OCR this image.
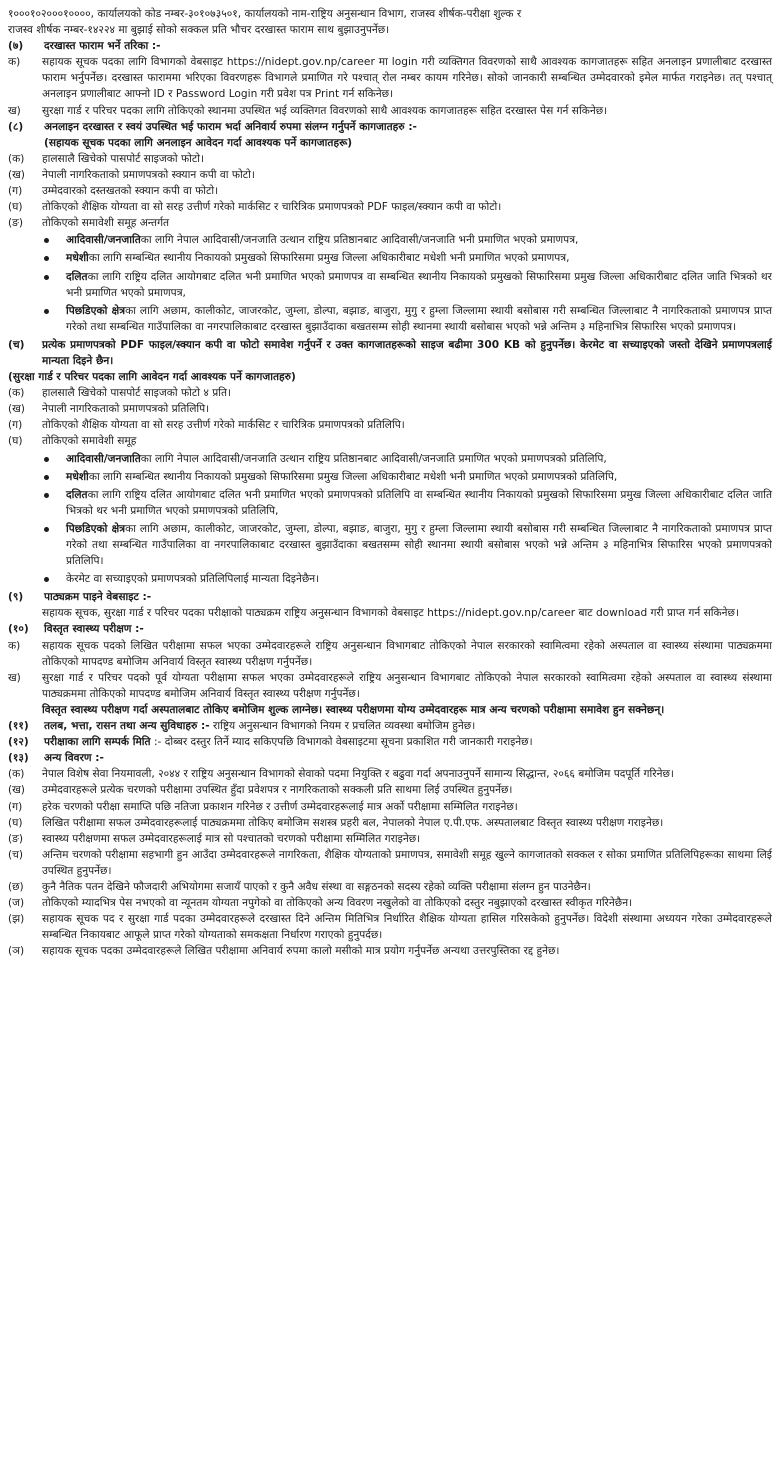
१०००१०२०००१००००, कार्यालयको कोड नम्बर-३०१०७३५०१, कार्यालयको नाम-राष्ट्रिय अनुसन्धान विभाग, राजस्व शीर्षक-परीक्षा शुल्क र

राजस्व शीर्षक नम्बर-१४२२४ मा बुझाई सोको सक्कल प्रति भौचर दरखास्त फाराम साथ बुझाउनुपर्नेछ।

(७)	दरखास्त फाराम भर्ने तरिका :-
क)	सहायक सूचक पदका लागि विभागको वेबसाइट https://nidept.gov.np/career मा login गरी व्यक्तिगत विवरणको साथै आवश्यक कागजातहरू सहित अनलाइन प्रणालीबाट दरखास्त फाराम भर्नुपर्नेछ। दरखास्त फाराममा भरिएका विवरणहरू विभागले प्रमाणित गरे पश्चात् रोल नम्बर कायम गरिनेछ। सोको जानकारी सम्बन्धित उम्मेदवारको इमेल मार्फत गराइनेछ। तत् पश्चात् अनलाइन प्रणालीबाट आफ्नो ID र Password Login गरी प्रवेश पत्र Print गर्न सकिनेछ।
ख)	सुरक्षा गार्ड र परिचर पदका लागि तोकिएको स्थानमा उपस्थित भई व्यक्तिगत विवरणको साथै आवश्यक कागजातहरू सहित दरखास्त पेस गर्न सकिनेछ।
(८)	अनलाइन दरखास्त र स्वयं उपस्थित भई फाराम भर्दा अनिवार्य रुपमा संलग्न गर्नुपर्ने कागजातहरु :-

(सहायक सूचक पदका लागि अनलाइन आवेदन गर्दा आवश्यक पर्ने कागजातहरू)

(क)	हालसालै खिचेको पासपोर्ट साइजको फोटो।
(ख)	नेपाली नागरिकताको प्रमाणपत्रको स्क्यान कपी वा फोटो।
(ग)	उम्मेदवारको दस्तखतको स्क्यान कपी वा फोटो।
(घ)	तोकिएको शैक्षिक योग्यता वा सो सरह उत्तीर्ण गरेको मार्कसिट र चारित्रिक प्रमाणपत्रको PDF फाइल/स्क्यान कपी वा फोटो।
(ङ)	तोकिएको समावेशी समूह अन्तर्गत
आदिवासी/जनजातिका लागि नेपाल आदिवासी/जनजाति उत्थान राष्ट्रिय प्रतिष्ठानबाट आदिवासी/जनजाति भनी प्रमाणित भएको प्रमाणपत्र,
मधेशीका लागि सम्बन्धित स्थानीय निकायको प्रमुखको सिफारिसमा प्रमुख जिल्ला अधिकारीबाट मधेशी भनी प्रमाणित भएको प्रमाणपत्र,
दलितका लागि राष्ट्रिय दलित आयोगबाट दलित भनी प्रमाणित भएको प्रमाणपत्र वा सम्बन्धित स्थानीय निकायको प्रमुखको सिफारिसमा प्रमुख जिल्ला अधिकारीबाट दलित जाति भित्रको थर भनी प्रमाणित भएको प्रमाणपत्र,
पिछडिएको क्षेत्रका लागि अछाम, कालीकोट, जाजरकोट, जुम्ला, डोल्पा, बझाङ, बाजुरा, मुगु र हुम्ला जिल्लामा स्थायी बसोबास गरी सम्बन्धित जिल्लाबाट नै नागरिकताको प्रमाणपत्र प्राप्त गरेको तथा सम्बन्धित गाउँपालिका वा नगरपालिकाबाट दरखास्त बुझाउँदाका बखतसम्म सोही स्थानमा स्थायी बसोबास भएको भन्ने अन्तिम ३ महिनाभित्र सिफारिस भएको प्रमाणपत्र।
(च)	प्रत्येक प्रमाणपत्रको PDF फाइल/स्क्यान कपी वा फोटो समावेश गर्नुपर्ने र उक्त कागजातहरूको साइज बढीमा 300 KB को हुनुपर्नेछ। केरमेट वा सच्याइएको जस्तो देखिने प्रमाणपत्रलाई मान्यता दिइने छैन।

(सुरक्षा गार्ड र परिचर पदका लागि आवेदन गर्दा आवश्यक पर्ने कागजातहरु)

(क)	हालसालै खिचेको पासपोर्ट साइजको फोटो ४ प्रति।
(ख)	नेपाली नागरिकताको प्रमाणपत्रको प्रतिलिपि।
(ग)	तोकिएको शैक्षिक योग्यता वा सो सरह उत्तीर्ण गरेको मार्कसिट र चारित्रिक प्रमाणपत्रको प्रतिलिपि।
(घ)	तोकिएको समावेशी समूह
आदिवासी/जनजातिका लागि नेपाल आदिवासी/जनजाति उत्थान राष्ट्रिय प्रतिष्ठानबाट आदिवासी/जनजाति प्रमाणित भएको प्रमाणपत्रको प्रतिलिपि,
मधेशीका लागि सम्बन्धित स्थानीय निकायको प्रमुखको सिफारिसमा प्रमुख जिल्ला अधिकारीबाट मधेशी भनी प्रमाणित भएको प्रमाणपत्रको प्रतिलिपि,
दलितका लागि राष्ट्रिय दलित आयोगबाट दलित भनी प्रमाणित भएको प्रमाणपत्रको प्रतिलिपि वा सम्बन्धित स्थानीय निकायको प्रमुखको सिफारिसमा प्रमुख जिल्ला अधिकारीबाट दलित जाति भित्रको थर भनी प्रमाणित भएको प्रमाणपत्रको प्रतिलिपि,
पिछडिएको क्षेत्रका लागि अछाम, कालीकोट, जाजरकोट, जुम्ला, डोल्पा, बझाङ, बाजुरा, मुगु र हुम्ला जिल्लामा स्थायी बसोबास गरी सम्बन्धित जिल्लाबाट नै नागरिकताको प्रमाणपत्र प्राप्त गरेको तथा सम्बन्धित गाउँपालिका वा नगरपालिकाबाट दरखास्त बुझाउँदाका बखतसम्म सोही स्थानमा स्थायी बसोबास भएको भन्ने अन्तिम ३ महिनाभित्र सिफारिस भएको प्रमाणपत्रको प्रतिलिपि।
केरमेट वा सच्याइएको प्रमाणपत्रको प्रतिलिपिलाई मान्यता दिइनेछैन।
(९)	पाठ्यक्रम पाइने वेबसाइट :-

सहायक सूचक, सुरक्षा गार्ड र परिचर पदका परीक्षाको पाठ्यक्रम राष्ट्रिय अनुसन्धान विभागको वेबसाइट https://nidept.gov.np/career बाट download गरी प्राप्त गर्न सकिनेछ।

(१०)	विस्तृत स्वास्थ्य परीक्षण :-
क)	सहायक सूचक पदको लिखित परीक्षामा सफल भएका उम्मेदवारहरूले राष्ट्रिय अनुसन्धान विभागबाट तोकिएको नेपाल सरकारको स्वामित्वमा रहेको अस्पताल वा स्वास्थ्य संस्थामा पाठ्यक्रममा तोकिएको मापदण्ड बमोजिम अनिवार्य विस्तृत स्वास्थ्य परीक्षण गर्नुपर्नेछ।
ख)	सुरक्षा गार्ड र परिचर पदको पूर्व योग्यता परीक्षामा सफल भएका उम्मेदवारहरूले राष्ट्रिय अनुसन्धान विभागबाट तोकिएको नेपाल सरकारको स्वामित्वमा रहेको अस्पताल वा स्वास्थ्य संस्थामा पाठ्यक्रममा तोकिएको मापदण्ड बमोजिम अनिवार्य विस्तृत स्वास्थ्य परीक्षण गर्नुपर्नेछ।

विस्तृत स्वास्थ्य परीक्षण गर्दा अस्पतालबाट तोकिए बमोजिम शुल्क लाग्नेछ। स्वास्थ्य परीक्षणमा योग्य उम्मेदवारहरू मात्र अन्य चरणको परीक्षामा समावेश हुन सक्नेछन्।

(११)	तलब, भत्ता, रासन तथा अन्य सुविधाहरु :- राष्ट्रिय अनुसन्धान विभागको नियम र प्रचलित व्यवस्था बमोजिम हुनेछ।
(१२)	परीक्षाका लागि सम्पर्क मिति :- दोब्बर दस्तुर तिर्ने म्याद सकिएपछि विभागको वेबसाइटमा सूचना प्रकाशित गरी जानकारी गराइनेछ।
(१३)	अन्य विवरण :-
(क)	नेपाल विशेष सेवा नियमावली, २०४४ र राष्ट्रिय अनुसन्धान विभागको सेवाको पदमा नियुक्ति र बढुवा गर्दा अपनाउनुपर्ने सामान्य सिद्धान्त, २०६६ बमोजिम पदपूर्ति गरिनेछ।
(ख)	उम्मेदवारहरूले प्रत्येक चरणको परीक्षामा उपस्थित हुँदा प्रवेशपत्र र नागरिकताको सक्कली प्रति साथमा लिई उपस्थित हुनुपर्नेछ।
(ग)	हरेक चरणको परीक्षा समाप्ति पछि नतिजा प्रकाशन गरिनेछ र उत्तीर्ण उम्मेदवारहरूलाई मात्र अर्को परीक्षामा सम्मिलित गराइनेछ।
(घ)	लिखित परीक्षामा सफल उम्मेदवारहरूलाई पाठ्यक्रममा तोकिए बमोजिम सशस्त्र प्रहरी बल, नेपालको नेपाल ए.पी.एफ. अस्पतालबाट विस्तृत स्वास्थ्य परीक्षण गराइनेछ।
(ङ)	स्वास्थ्य परीक्षणमा सफल उम्मेदवारहरूलाई मात्र सो पश्चातको चरणको परीक्षामा सम्मिलित गराइनेछ।
(च)	अन्तिम चरणको परीक्षामा सहभागी हुन आउँदा उम्मेदवारहरूले नागरिकता, शैक्षिक योग्यताको प्रमाणपत्र, समावेशी समूह खुल्ने कागजातको सक्कल र सोका प्रमाणित प्रतिलिपिहरूका साथमा लिई उपस्थित हुनुपर्नेछ।
(छ)	कुनै नैतिक पतन देखिने फौजदारी अभियोगमा सजायँ पाएको र कुनै अवैध संस्था वा सङ्गठनको सदस्य रहेको व्यक्ति परीक्षामा संलग्न हुन पाउनेछैन।
(ज)	तोकिएको म्यादभित्र पेस नभएको वा न्यूनतम योग्यता नपुगेको वा तोकिएको अन्य विवरण नखुलेको वा तोकिएको दस्तुर नबुझाएको दरखास्त स्वीकृत गरिनेछैन।
(झ)	सहायक सूचक पद र सुरक्षा गार्ड पदका उम्मेदवारहरूले दरखास्त दिने अन्तिम मितिभित्र निर्धारित शैक्षिक योग्यता हासिल गरिसकेको हुनुपर्नेछ। विदेशी संस्थामा अध्ययन गरेका उम्मेदवारहरूले सम्बन्धित निकायबाट आफूले प्राप्त गरेको योग्यताको समकक्षता निर्धारण गराएको हुनुपर्दछ।
(ञ)	सहायक सूचक पदका उम्मेदवारहरूले लिखित परीक्षामा अनिवार्य रुपमा कालो मसीको मात्र प्रयोग गर्नुपर्नेछ अन्यथा उत्तरपुस्तिका रद्द हुनेछ।
